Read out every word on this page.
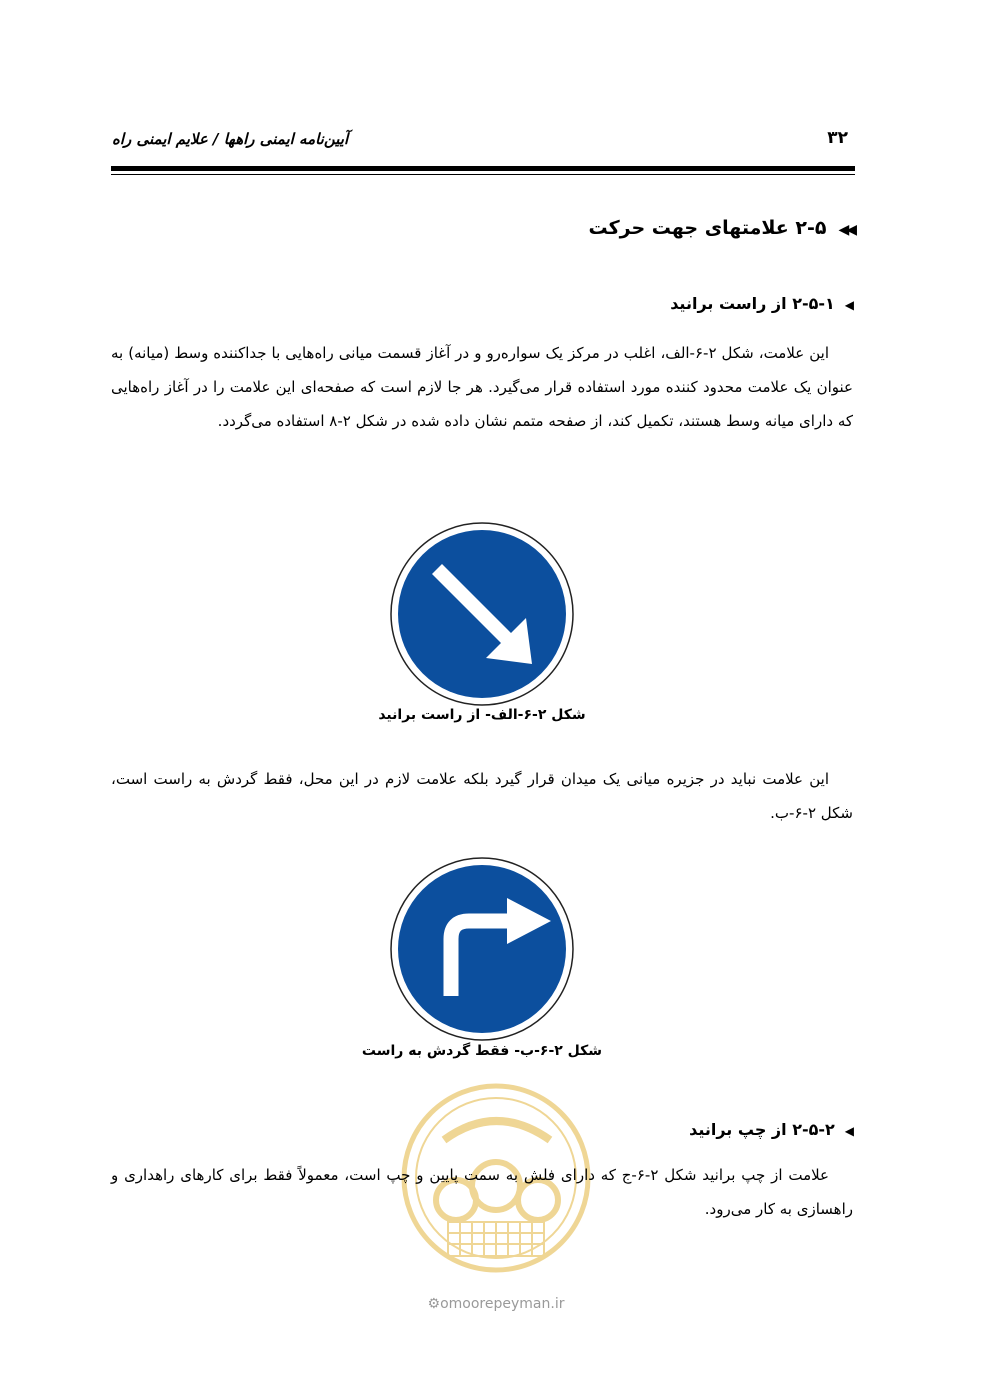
آیین‌نامه ایمنی راهها / علایم ایمنی راه	۳۲
◀◀۲-۵ علامتهای جهت حرکت
◀۲-۵-۱ از راست برانید

این علامت، شکل ۲-۶-الف، اغلب در مرکز یک سواره‌رو و در آغاز قسمت میانی راه‌هایی با جداکننده وسط (میانه) به عنوان یک علامت محدود کننده مورد استفاده قرار می‌گیرد. هر جا لازم است که صفحه‌ای این علامت را در آغاز راه‌هایی که دارای میانه وسط هستند، تکمیل کند، از صفحه متمم نشان داده شده در شکل ۲-۸ استفاده می‌گردد.

شکل ۲-۶-الف- از راست برانید

این علامت نباید در جزیره میانی یک میدان قرار گیرد بلکه علامت لازم در این محل، فقط گردش به راست است، شکل ۲-۶-ب.

شکل ۲-۶-ب- فقط گردش به راست
◀۲-۵-۲ از چپ برانید

علامت از چپ برانید شکل ۲-۶-ج که دارای فلش به سمت پایین و چپ است، معمولاً فقط برای کارهای راهداری و راهسازی به کار می‌رود.

⚙omoorepeyman.ir
